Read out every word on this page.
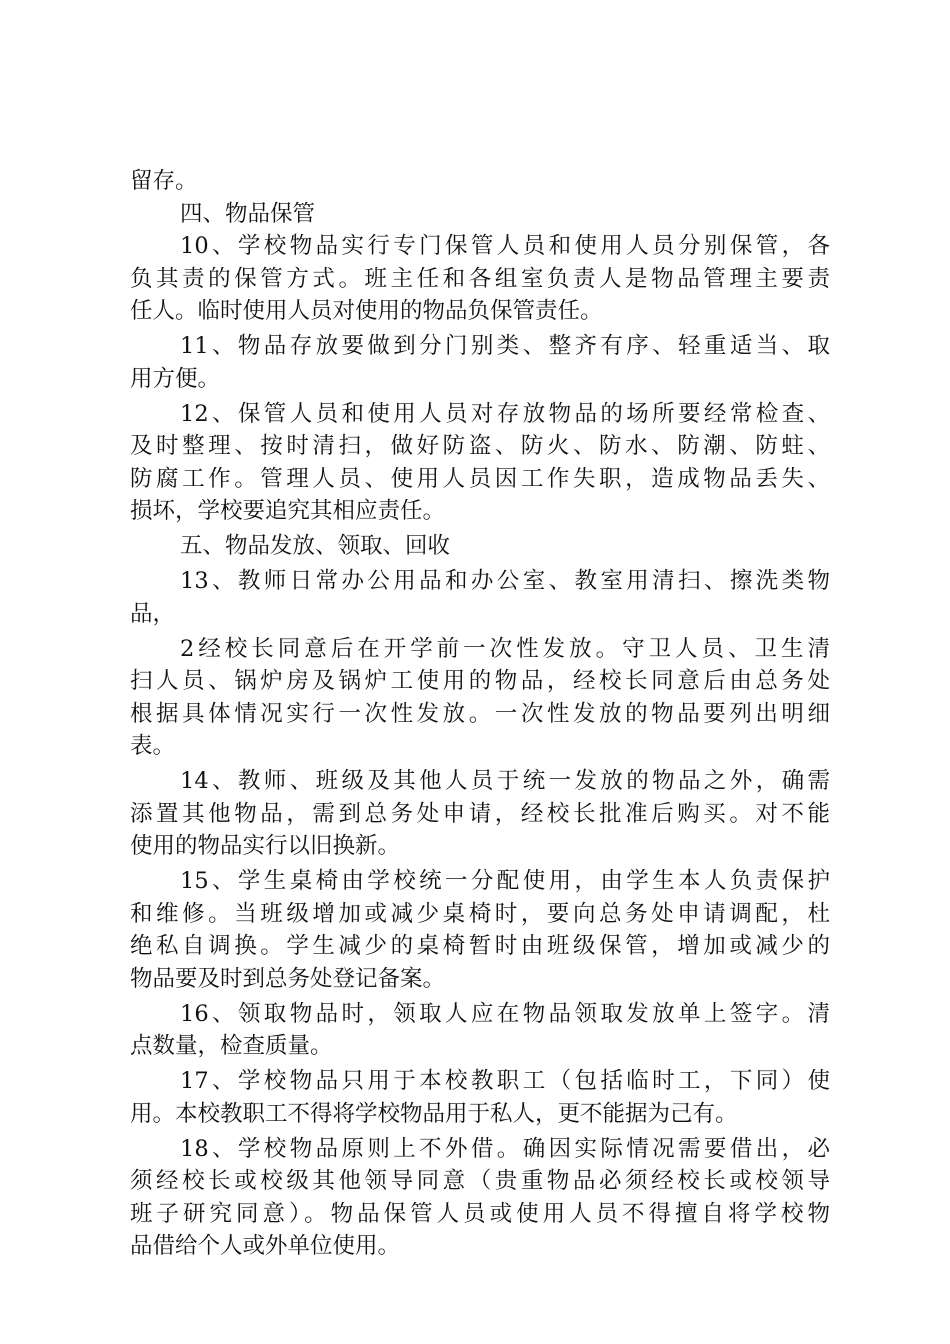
留存。
四、物品保管
10、学校物品实行专门保管人员和使用人员分别保管，各
负其责的保管方式。班主任和各组室负责人是物品管理主要责
任人。临时使用人员对使用的物品负保管责任。
11、物品存放要做到分门别类、整齐有序、轻重适当、取
用方便。
12、保管人员和使用人员对存放物品的场所要经常检查、
及时整理、按时清扫，做好防盗、防火、防水、防潮、防蛀、
防腐工作。管理人员、使用人员因工作失职，造成物品丢失、
损坏，学校要追究其相应责任。
五、物品发放、领取、回收
13、教师日常办公用品和办公室、教室用清扫、擦洗类物
品，
2经校长同意后在开学前一次性发放。守卫人员、卫生清
扫人员、锅炉房及锅炉工使用的物品，经校长同意后由总务处
根据具体情况实行一次性发放。一次性发放的物品要列出明细
表。
14、教师、班级及其他人员于统一发放的物品之外，确需
添置其他物品，需到总务处申请，经校长批准后购买。对不能
使用的物品实行以旧换新。
15、学生桌椅由学校统一分配使用，由学生本人负责保护
和维修。当班级增加或减少桌椅时，要向总务处申请调配，杜
绝私自调换。学生减少的桌椅暂时由班级保管，增加或减少的
物品要及时到总务处登记备案。
16、领取物品时，领取人应在物品领取发放单上签字。清
点数量，检查质量。
17、学校物品只用于本校教职工（包括临时工，下同）使
用。本校教职工不得将学校物品用于私人，更不能据为己有。
18、学校物品原则上不外借。确因实际情况需要借出，必
须经校长或校级其他领导同意（贵重物品必须经校长或校领导
班子研究同意）。物品保管人员或使用人员不得擅自将学校物
品借给个人或外单位使用。
